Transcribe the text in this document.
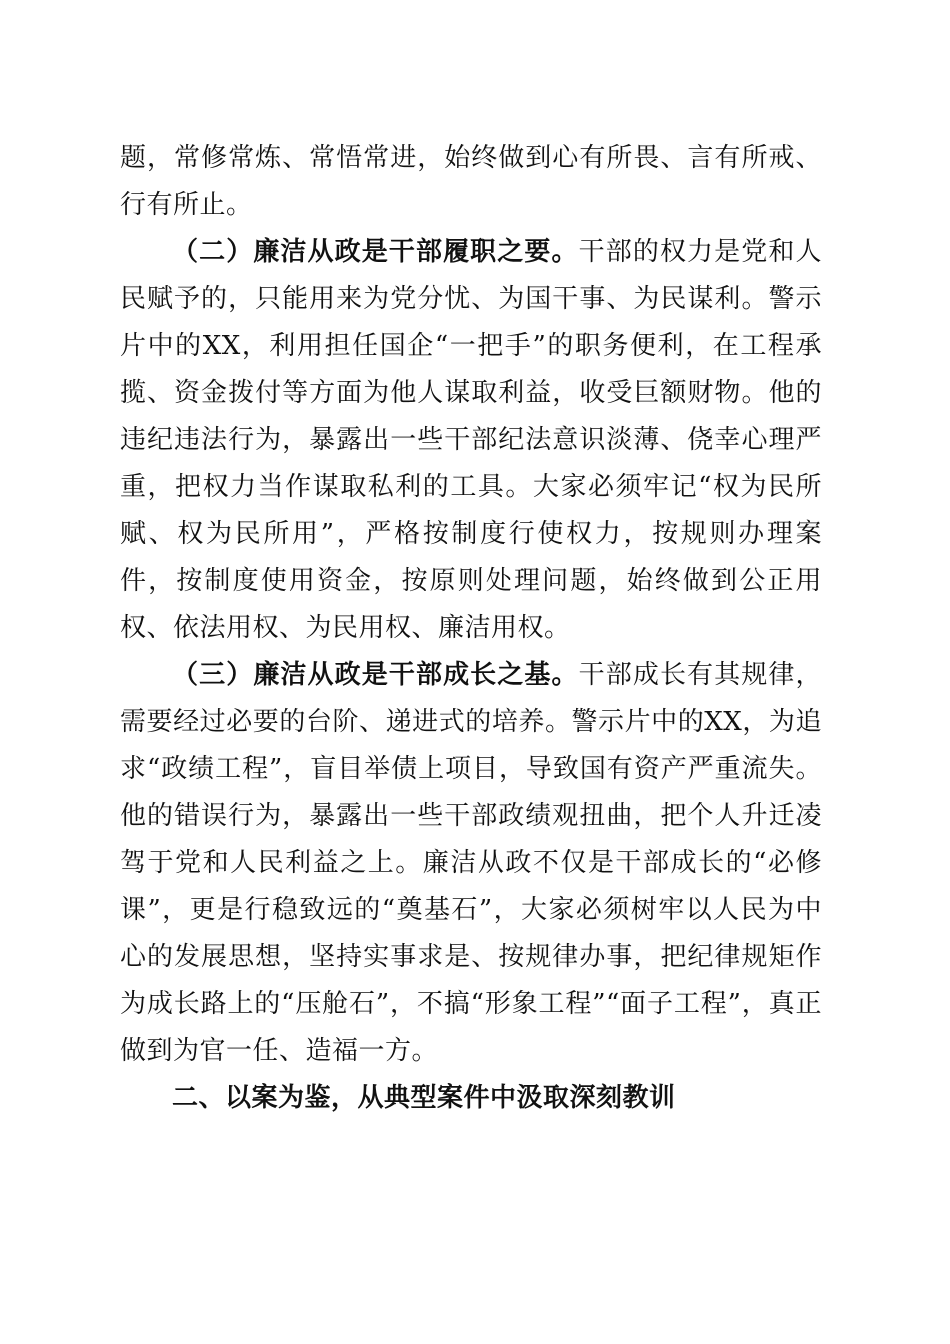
题，常修常炼、常悟常进，始终做到心有所畏、言有所戒、行有所止。

（二）廉洁从政是干部履职之要。干部的权力是党和人民赋予的，只能用来为党分忧、为国干事、为民谋利。警示片中的XX，利用担任国企“一把手”的职务便利，在工程承揽、资金拨付等方面为他人谋取利益，收受巨额财物。他的违纪违法行为，暴露出一些干部纪法意识淡薄、侥幸心理严重，把权力当作谋取私利的工具。大家必须牢记“权为民所赋、权为民所用”，严格按制度行使权力，按规则办理案件，按制度使用资金，按原则处理问题，始终做到公正用权、依法用权、为民用权、廉洁用权。

（三）廉洁从政是干部成长之基。干部成长有其规律，需要经过必要的台阶、递进式的培养。警示片中的XX，为追求“政绩工程”，盲目举债上项目，导致国有资产严重流失。他的错误行为，暴露出一些干部政绩观扭曲，把个人升迁凌驾于党和人民利益之上。廉洁从政不仅是干部成长的“必修课”，更是行稳致远的“奠基石”，大家必须树牢以人民为中心的发展思想，坚持实事求是、按规律办事，把纪律规矩作为成长路上的“压舱石”，不搞“形象工程”“面子工程”，真正做到为官一任、造福一方。

二、以案为鉴，从典型案件中汲取深刻教训
